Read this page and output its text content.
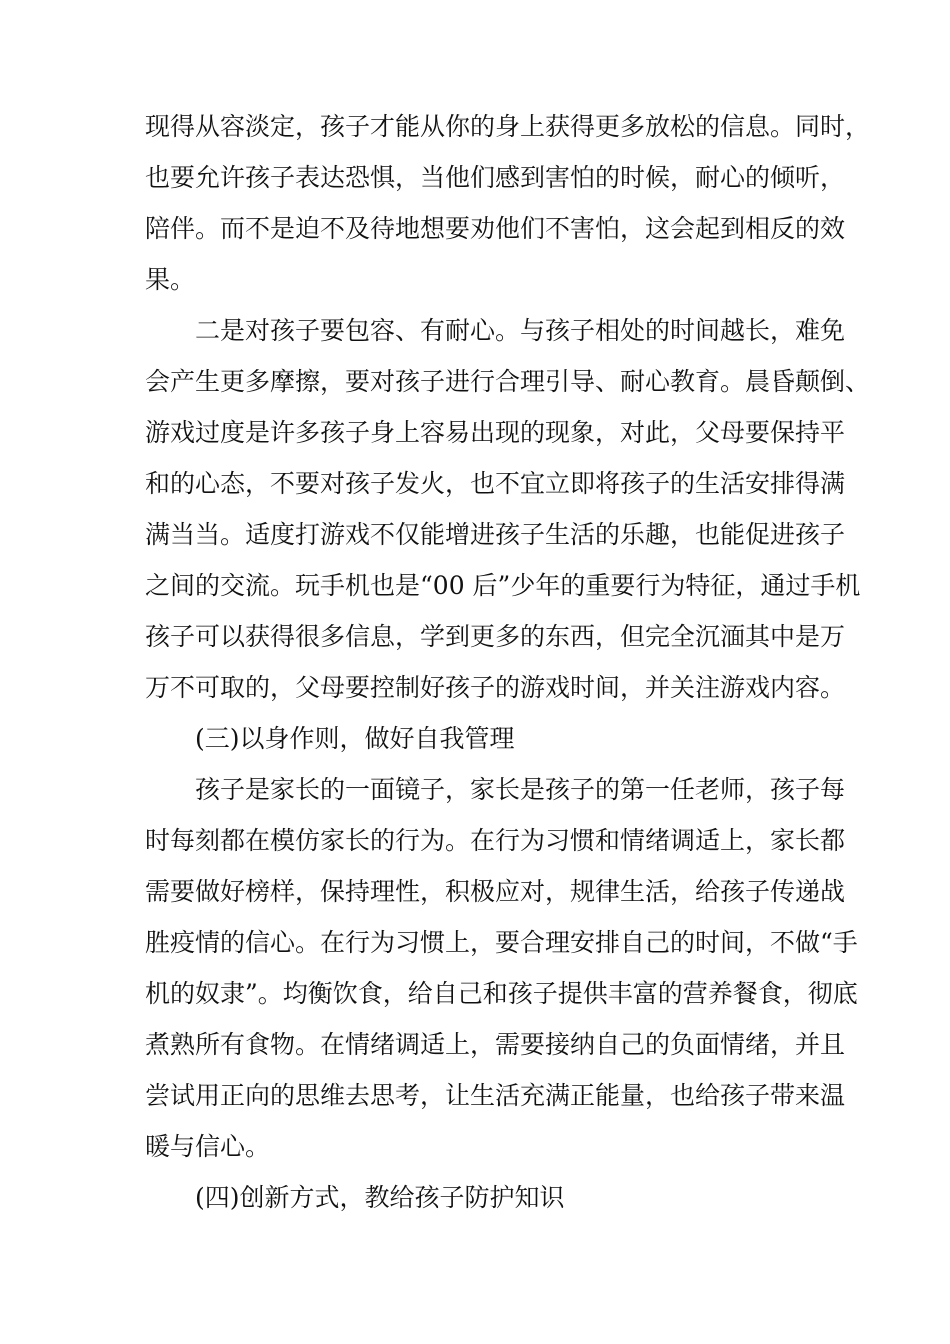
现得从容淡定，孩子才能从你的身上获得更多放松的信息。同时，
也要允许孩子表达恐惧，当他们感到害怕的时候，耐心的倾听，
陪伴。而不是迫不及待地想要劝他们不害怕，这会起到相反的效
果。
二是对孩子要包容、有耐心。与孩子相处的时间越长，难免
会产生更多摩擦，要对孩子进行合理引导、耐心教育。晨昏颠倒、
游戏过度是许多孩子身上容易出现的现象，对此，父母要保持平
和的心态，不要对孩子发火，也不宜立即将孩子的生活安排得满
满当当。适度打游戏不仅能增进孩子生活的乐趣，也能促进孩子
之间的交流。玩手机也是“00 后”少年的重要行为特征，通过手机
孩子可以获得很多信息，学到更多的东西，但完全沉湎其中是万
万不可取的，父母要控制好孩子的游戏时间，并关注游戏内容。
(三)以身作则，做好自我管理
孩子是家长的一面镜子，家长是孩子的第一任老师，孩子每
时每刻都在模仿家长的行为。在行为习惯和情绪调适上，家长都
需要做好榜样，保持理性，积极应对，规律生活，给孩子传递战
胜疫情的信心。在行为习惯上，要合理安排自己的时间，不做“手
机的奴隶”。均衡饮食，给自己和孩子提供丰富的营养餐食，彻底
煮熟所有食物。在情绪调适上，需要接纳自己的负面情绪，并且
尝试用正向的思维去思考，让生活充满正能量，也给孩子带来温
暖与信心。
(四)创新方式，教给孩子防护知识
